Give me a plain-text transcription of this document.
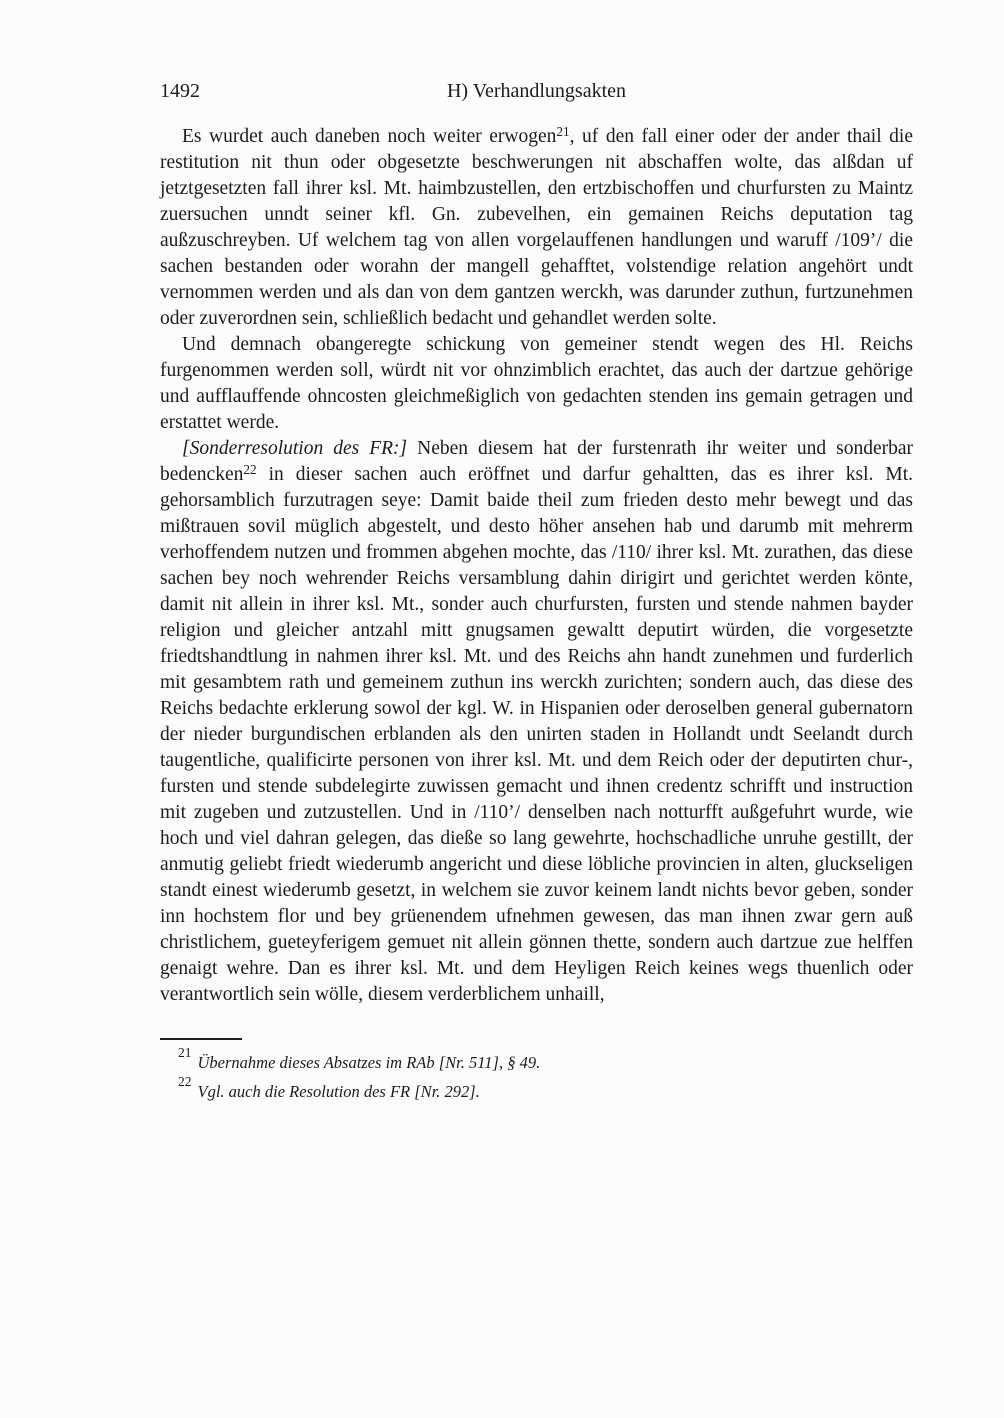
1492	H) Verhandlungsakten

Es wurdet auch daneben noch weiter erwogen$^{21}$, uf den fall einer oder der ander thail die restitution nit thun oder obgesetzte beschwerungen nit abschaffen wolte, das alßdan uf jetztgesetzten fall ihrer ksl. Mt. haimbzustellen, den ertzbischoffen und churfursten zu Maintz zuersuchen unndt seiner kfl. Gn. zubevelhen, ein gemainen Reichs deputation tag außzuschreyben. Uf welchem tag von allen vorgelauffenen handlungen und waruff /109’/ die sachen bestanden oder worahn der mangell gehafftet, volstendige relation angehört undt vernommen werden und als dan von dem gantzen werckh, was darunder zuthun, furtzunehmen oder zuverordnen sein, schließlich bedacht und gehandlet werden solte.

Und demnach obangeregte schickung von gemeiner stendt wegen des Hl. Reichs furgenommen werden soll, würdt nit vor ohnzimblich erachtet, das auch der dartzue gehörige und aufflauffende ohncosten gleichmeßiglich von gedachten stenden ins gemain getragen und erstattet werde.

[Sonderresolution des FR:] Neben diesem hat der furstenrath ihr weiter und sonderbar bedencken$^{22}$ in dieser sachen auch eröffnet und darfur gehaltten, das es ihrer ksl. Mt. gehorsamblich furzutragen seye: Damit baide theil zum frieden desto mehr bewegt und das mißtrauen sovil müglich abgestelt, und desto höher ansehen hab und darumb mit mehrerm verhoffendem nutzen und frommen abgehen mochte, das /110/ ihrer ksl. Mt. zurathen, das diese sachen bey noch wehrender Reichs versamblung dahin dirigirt und gerichtet werden könte, damit nit allein in ihrer ksl. Mt., sonder auch churfursten, fursten und stende nahmen bayder religion und gleicher antzahl mitt gnugsamen gewaltt deputirt würden, die vorgesetzte friedtshandtlung in nahmen ihrer ksl. Mt. und des Reichs ahn handt zunehmen und furderlich mit gesambtem rath und gemeinem zuthun ins werckh zurichten; sondern auch, das diese des Reichs bedachte erklerung sowol der kgl. W. in Hispanien oder deroselben general gubernatorn der nieder burgundischen erblanden als den unirten staden in Hollandt undt Seelandt durch taugentliche, qualificirte personen von ihrer ksl. Mt. und dem Reich oder der deputirten chur-, fursten und stende subdelegirte zuwissen gemacht und ihnen credentz schrifft und instruction mit zugeben und zutzustellen. Und in /110’/ denselben nach notturfft außgefuhrt wurde, wie hoch und viel dahran gelegen, das dieße so lang gewehrte, hochschadliche unruhe gestillt, der anmutig geliebt friedt wiederumb angericht und diese löbliche provincien in alten, gluckseligen standt einest wiederumb gesetzt, in welchem sie zuvor keinem landt nichts bevor geben, sonder inn hochstem flor und bey grüenendem ufnehmen gewesen, das man ihnen zwar gern auß christlichem, gueteyferigem gemuet nit allein gönnen thette, sondern auch dartzue zue helffen genaigt wehre. Dan es ihrer ksl. Mt. und dem Heyligen Reich keines wegs thuenlich oder verantwortlich sein wölle, diesem verderblichem unhaill,

$^{21}$Übernahme dieses Absatzes im RAb [Nr. 511], § 49.
$^{22}$Vgl. auch die Resolution des FR [Nr. 292].
